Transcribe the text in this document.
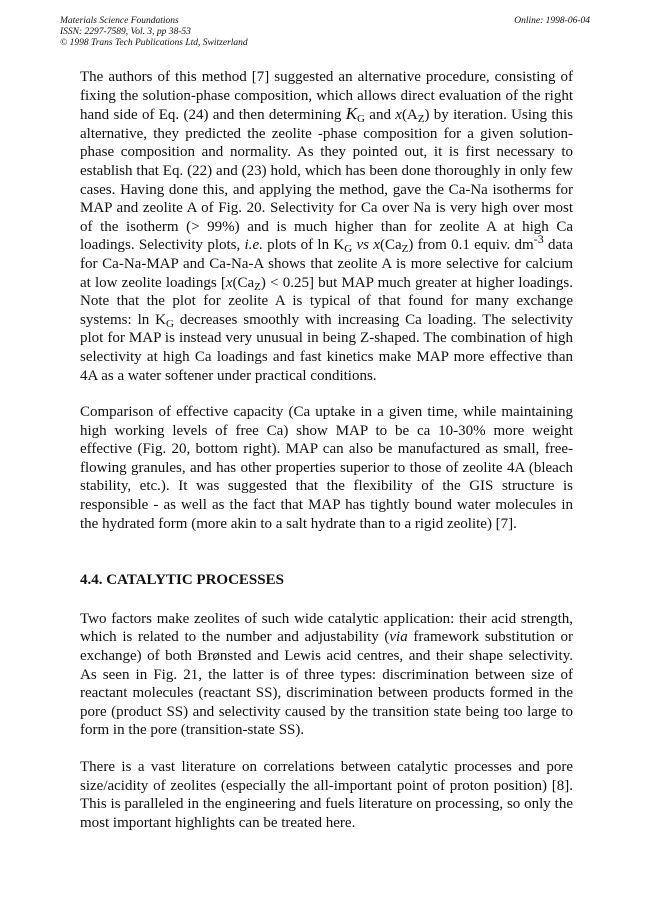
Materials Science Foundations
ISSN: 2297-7589, Vol. 3, pp 38-53
© 1998 Trans Tech Publications Ltd, Switzerland
Online: 1998-06-04

The authors of this method [7] suggested an alternative procedure, consisting of fixing the solution-phase composition, which allows direct evaluation of the right hand side of Eq. (24) and then determining $K_G$ and $x(A_Z)$ by iteration. Using this alternative, they predicted the zeolite -phase composition for a given solution-phase composition and normality. As they pointed out, it is first necessary to establish that Eq. (22) and (23) hold, which has been done thoroughly in only few cases. Having done this, and applying the method, gave the Ca-Na isotherms for MAP and zeolite A of Fig. 20. Selectivity for Ca over Na is very high over most of the isotherm (> 99%) and is much higher than for zeolite A at high Ca loadings. Selectivity plots, i.e. plots of $\ln K_G$ vs $x(Ca_Z)$ from 0.1 equiv. $dm^{-3}$ data for Ca-Na-MAP and Ca-Na-A shows that zeolite A is more selective for calcium at low zeolite loadings $[x(Ca_Z) < 0.25]$ but MAP much greater at higher loadings. Note that the plot for zeolite A is typical of that found for many exchange systems: $\ln K_G$ decreases smoothly with increasing Ca loading. The selectivity plot for MAP is instead very unusual in being Z-shaped. The combination of high selectivity at high Ca loadings and fast kinetics make MAP more effective than 4A as a water softener under practical conditions.

Comparison of effective capacity (Ca uptake in a given time, while maintaining high working levels of free Ca) show MAP to be ca 10-30% more weight effective (Fig. 20, bottom right). MAP can also be manufactured as small, free-flowing granules, and has other properties superior to those of zeolite 4A (bleach stability, etc.). It was suggested that the flexibility of the GIS structure is responsible - as well as the fact that MAP has tightly bound water molecules in the hydrated form (more akin to a salt hydrate than to a rigid zeolite) [7].

4.4. CATALYTIC PROCESSES

Two factors make zeolites of such wide catalytic application: their acid strength, which is related to the number and adjustability (via framework substitution or exchange) of both Brønsted and Lewis acid centres, and their shape selectivity. As seen in Fig. 21, the latter is of three types: discrimination between size of reactant molecules (reactant SS), discrimination between products formed in the pore (product SS) and selectivity caused by the transition state being too large to form in the pore (transition-state SS).

There is a vast literature on correlations between catalytic processes and pore size/acidity of zeolites (especially the all-important point of proton position) [8]. This is paralleled in the engineering and fuels literature on processing, so only the most important highlights can be treated here.
